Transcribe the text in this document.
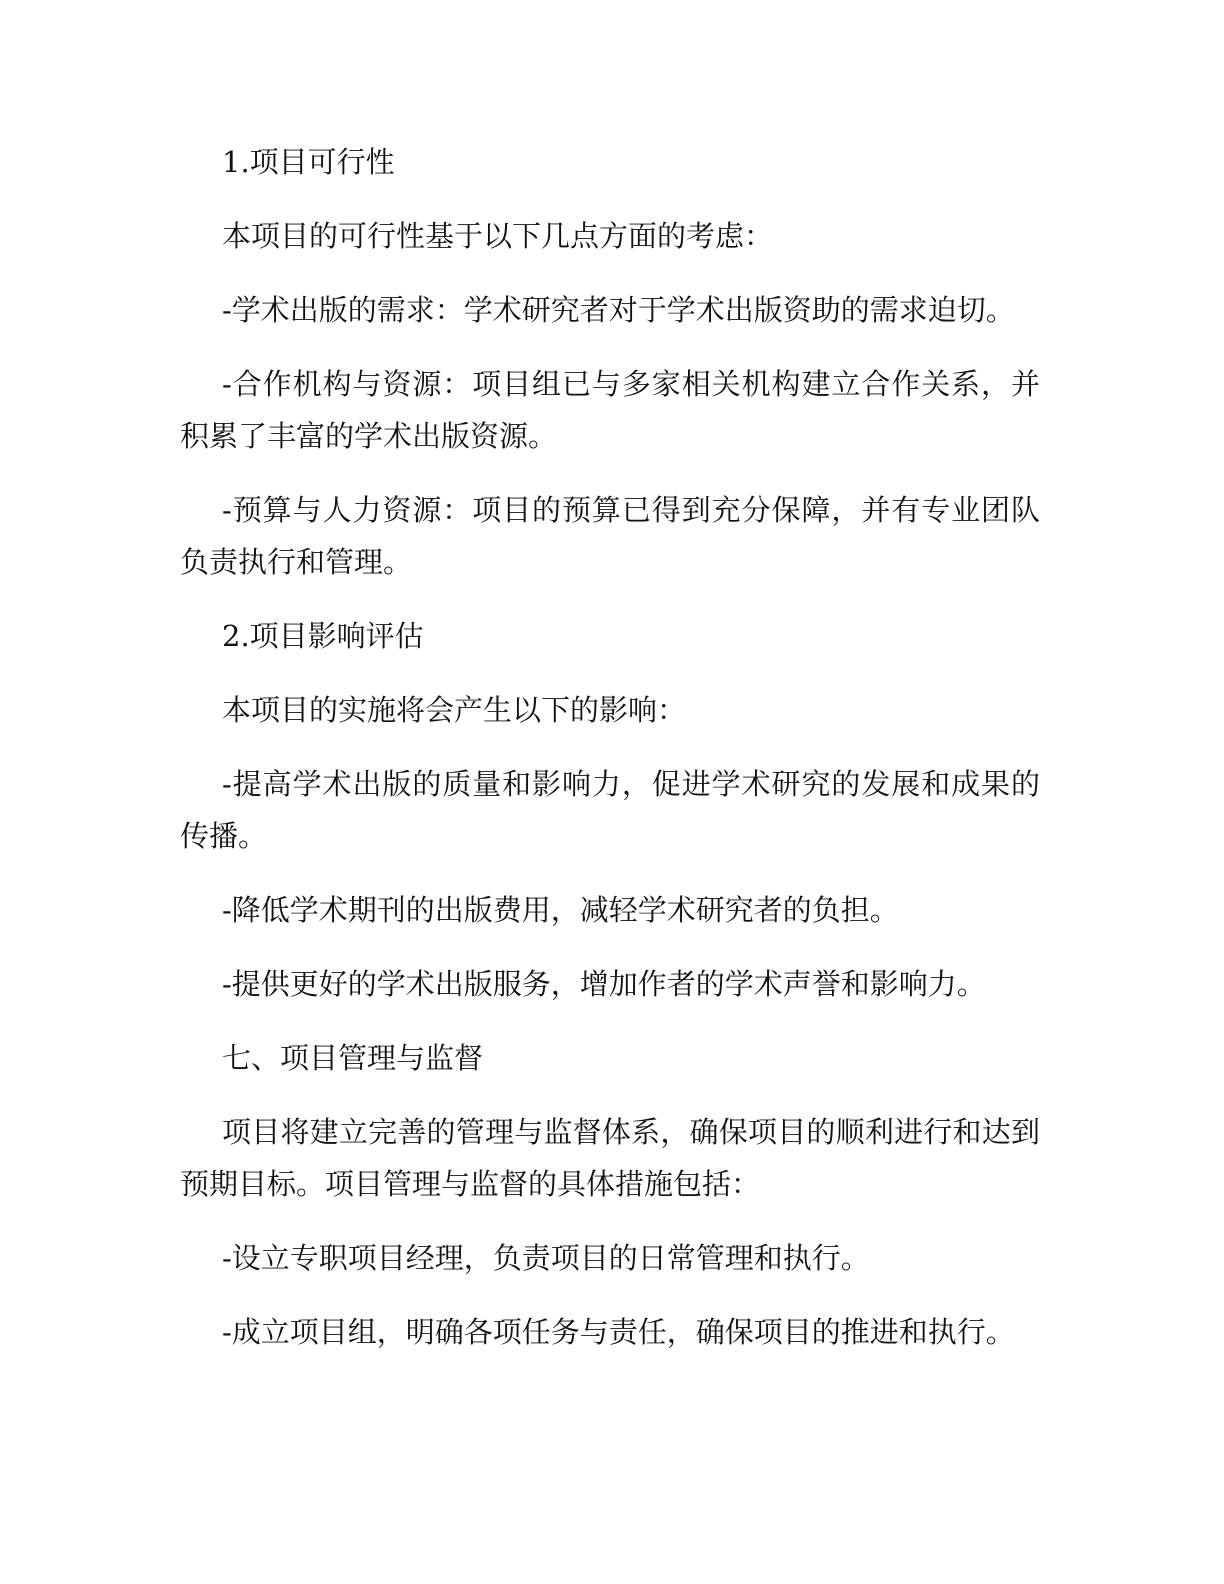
1.项目可行性

本项目的可行性基于以下几点方面的考虑：

-学术出版的需求：学术研究者对于学术出版资助的需求迫切。

-合作机构与资源：项目组已与多家相关机构建立合作关系，并积累了丰富的学术出版资源。

-预算与人力资源：项目的预算已得到充分保障，并有专业团队负责执行和管理。

2.项目影响评估

本项目的实施将会产生以下的影响：

-提高学术出版的质量和影响力，促进学术研究的发展和成果的传播。

-降低学术期刊的出版费用，减轻学术研究者的负担。

-提供更好的学术出版服务，增加作者的学术声誉和影响力。

七、项目管理与监督

项目将建立完善的管理与监督体系，确保项目的顺利进行和达到预期目标。项目管理与监督的具体措施包括：

-设立专职项目经理，负责项目的日常管理和执行。

-成立项目组，明确各项任务与责任，确保项目的推进和执行。
